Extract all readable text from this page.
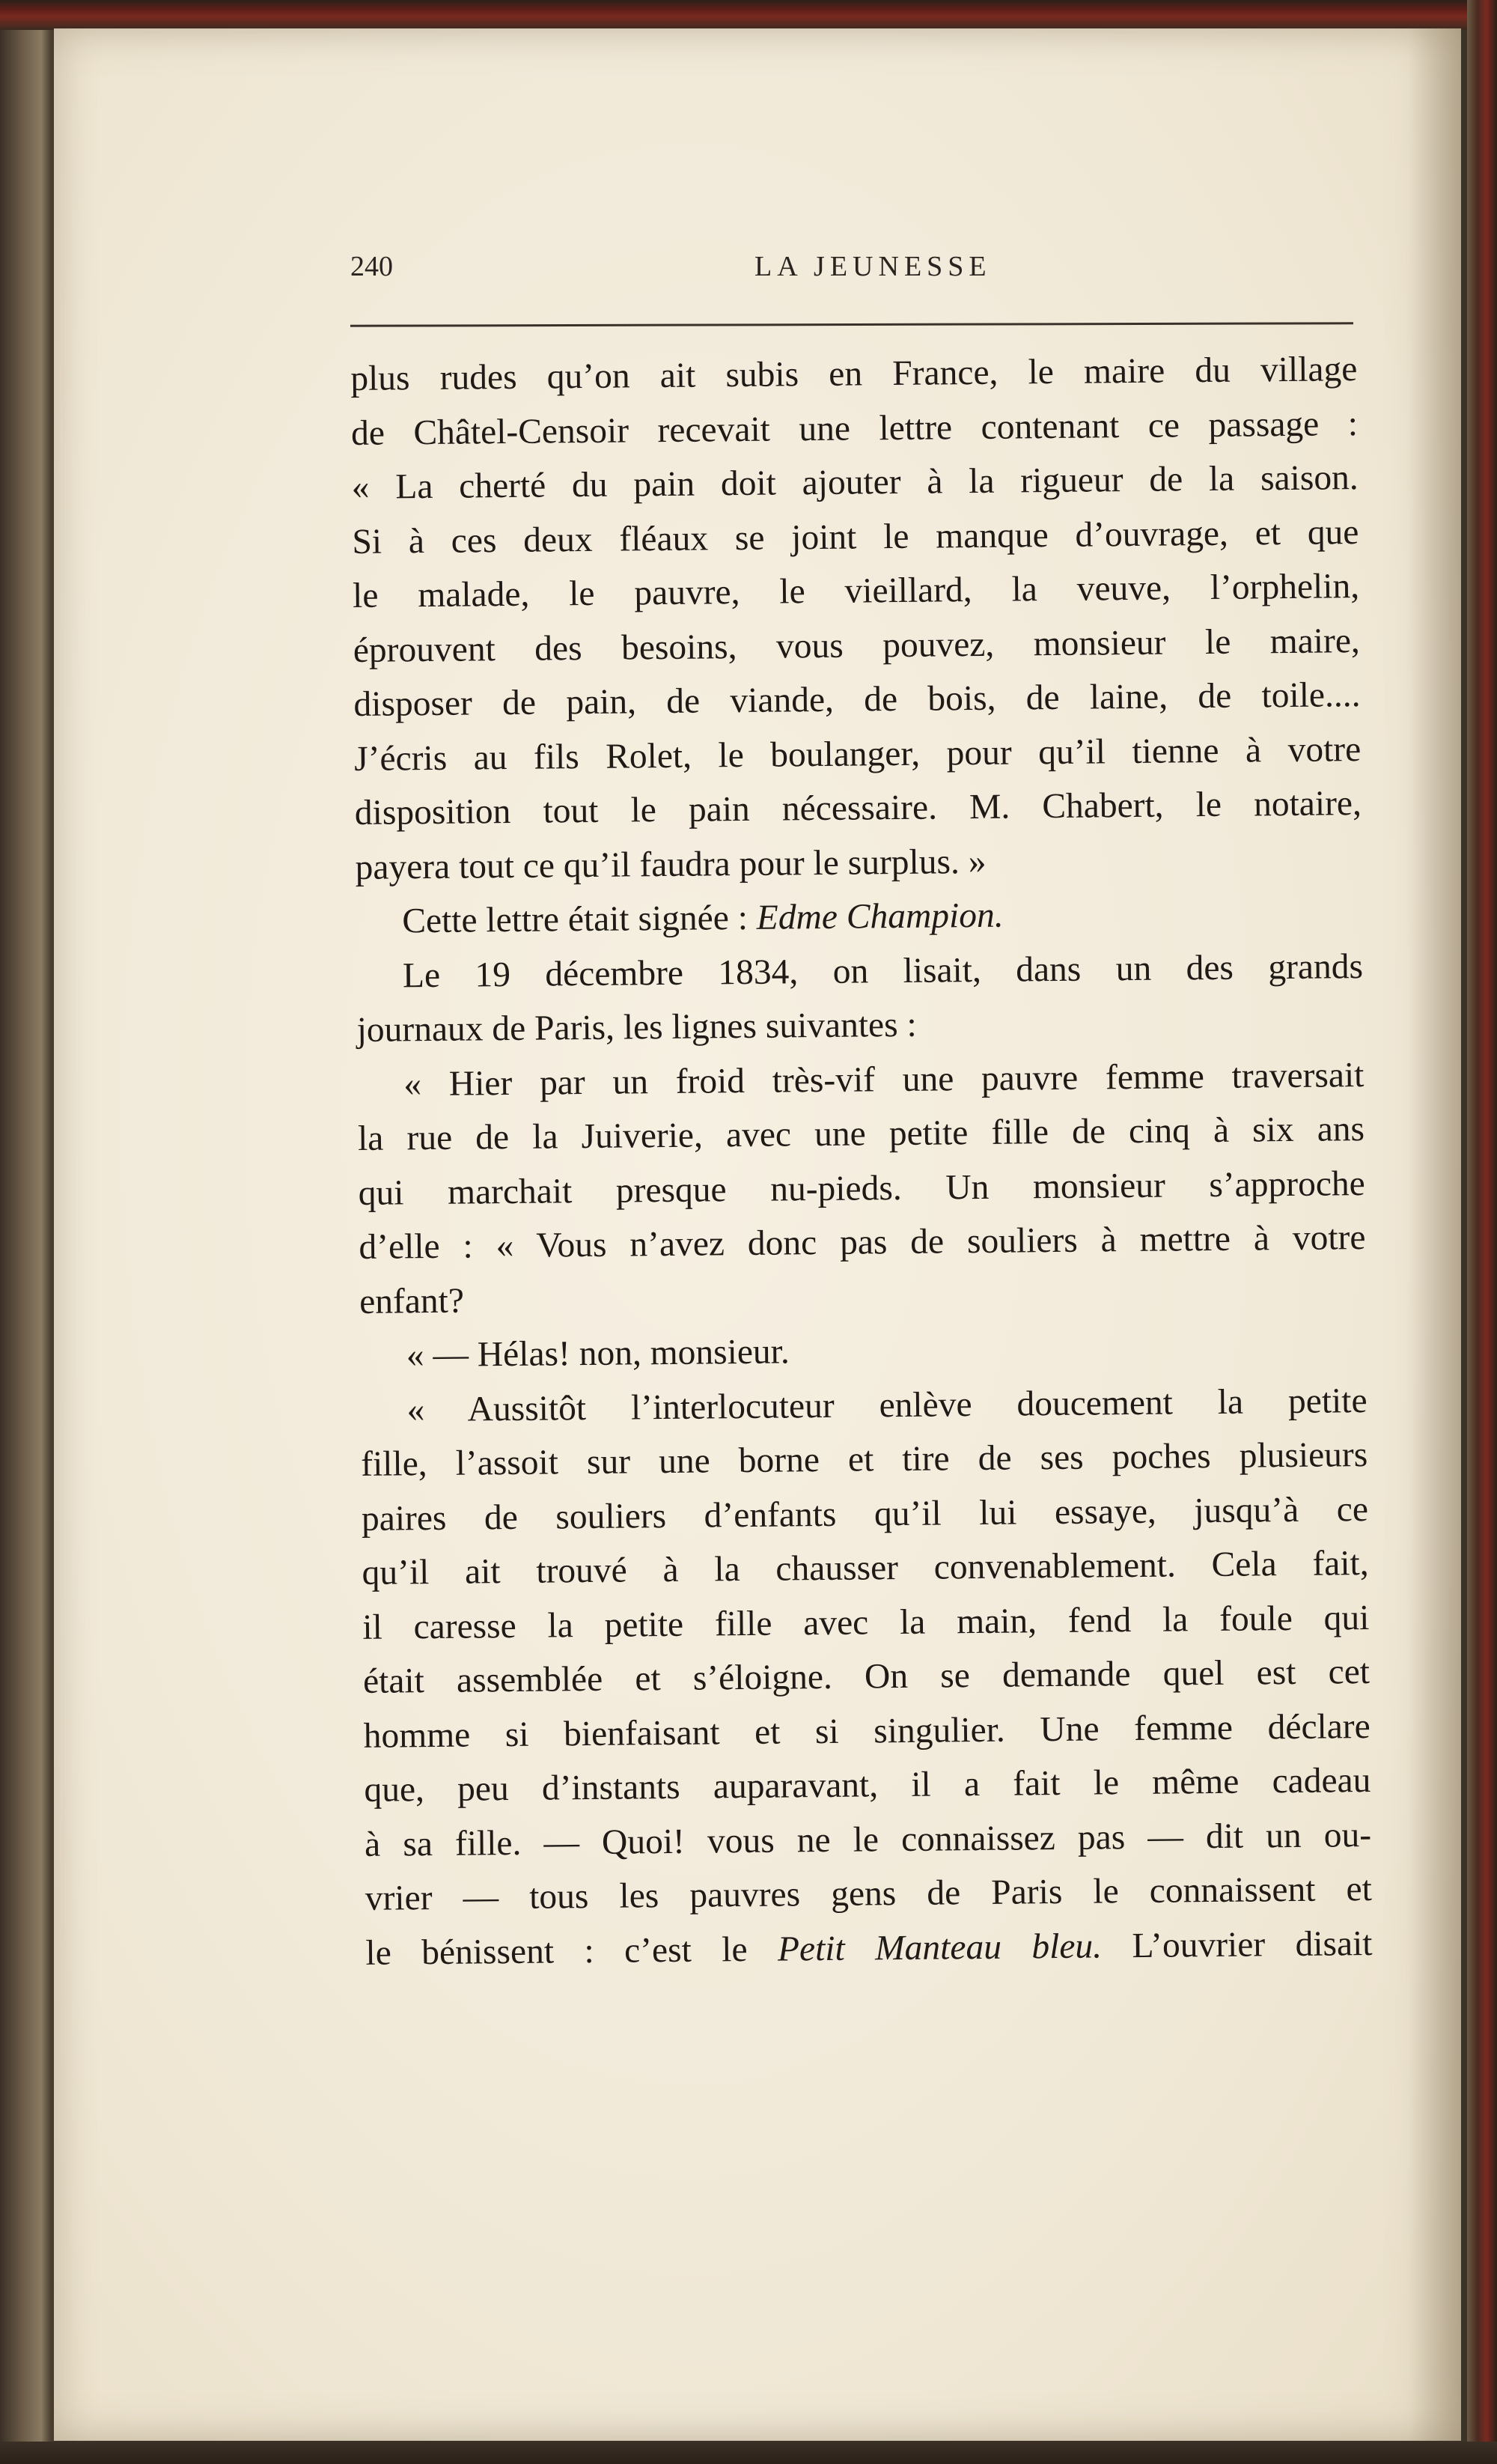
240	LA JEUNESSE
plus rudes qu’on ait subis en France, le maire du village
de Châtel-Censoir recevait une lettre contenant ce passage :
« La cherté du pain doit ajouter à la rigueur de la saison.
Si à ces deux fléaux se joint le manque d’ouvrage, et que
le malade, le pauvre, le vieillard, la veuve, l’orphelin,
éprouvent des besoins, vous pouvez, monsieur le maire,
disposer de pain, de viande, de bois, de laine, de toile....
J’écris au fils Rolet, le boulanger, pour qu’il tienne à votre
disposition tout le pain nécessaire. M. Chabert, le notaire,
payera tout ce qu’il faudra pour le surplus. »
Cette lettre était signée : Edme Champion.
Le 19 décembre 1834, on lisait, dans un des grands
journaux de Paris, les lignes suivantes :
« Hier par un froid très-vif une pauvre femme traversait
la rue de la Juiverie, avec une petite fille de cinq à six ans
qui marchait presque nu-pieds. Un monsieur s’approche
d’elle : « Vous n’avez donc pas de souliers à mettre à votre
enfant?
« — Hélas! non, monsieur.
« Aussitôt l’interlocuteur enlève doucement la petite
fille, l’assoit sur une borne et tire de ses poches plusieurs
paires de souliers d’enfants qu’il lui essaye, jusqu’à ce
qu’il ait trouvé à la chausser convenablement. Cela fait,
il caresse la petite fille avec la main, fend la foule qui
était assemblée et s’éloigne. On se demande quel est cet
homme si bienfaisant et si singulier. Une femme déclare
que, peu d’instants auparavant, il a fait le même cadeau
à sa fille. — Quoi! vous ne le connaissez pas — dit un ou-
vrier — tous les pauvres gens de Paris le connaissent et
le bénissent : c’est le Petit Manteau bleu. L’ouvrier disait
